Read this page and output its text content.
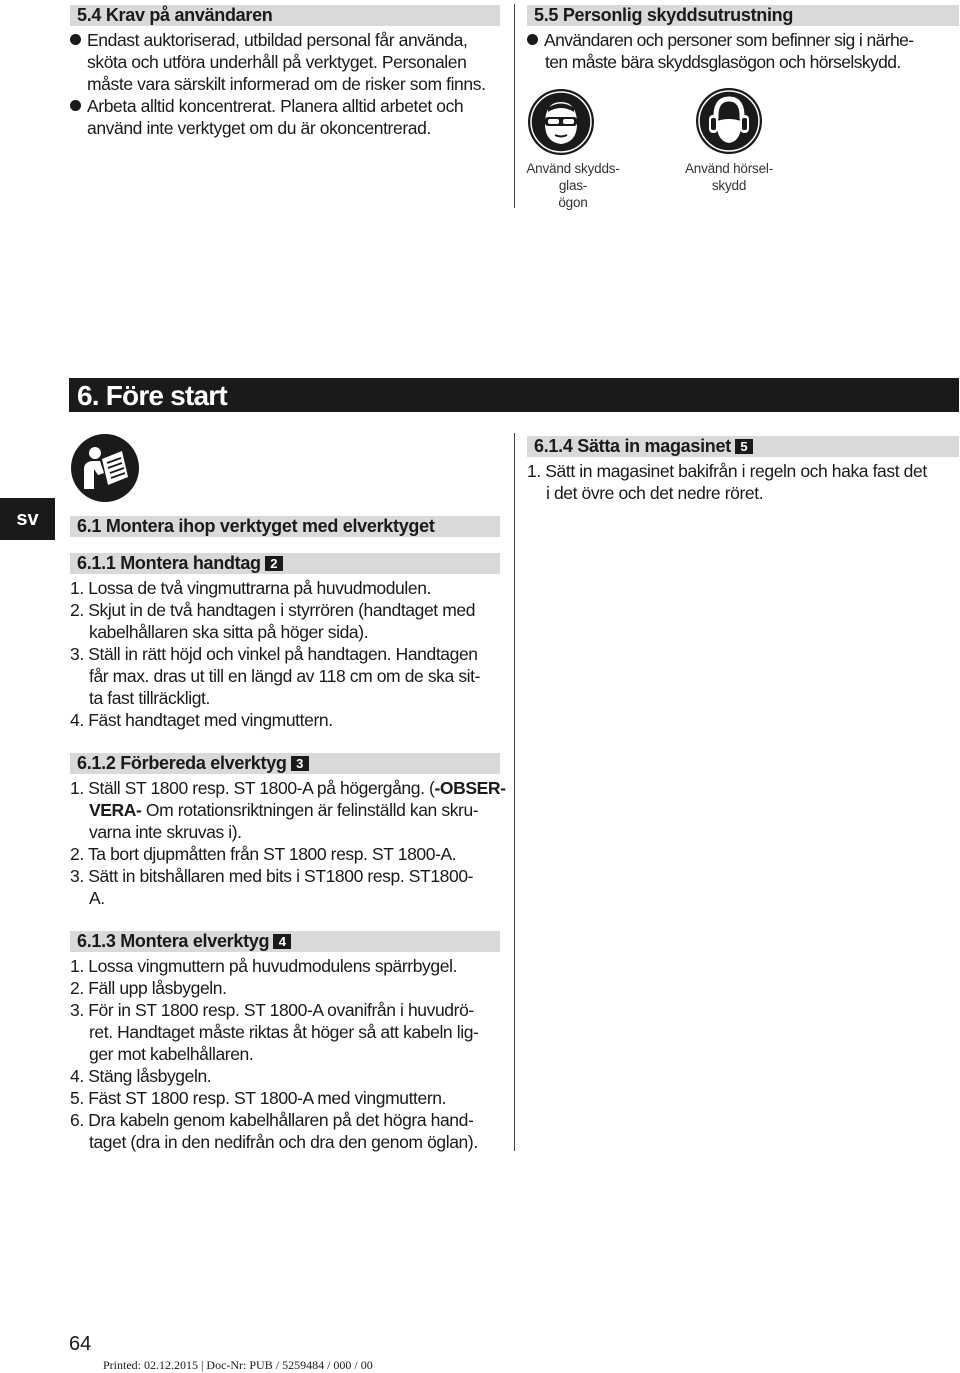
5.4 Krav på användaren
Endast auktoriserad, utbildad personal får använda,
sköta och utföra underhåll på verktyget. Personalen
måste vara särskilt informerad om de risker som finns.
Arbeta alltid koncentrerat. Planera alltid arbetet och
använd inte verktyget om du är okoncentrerad.
5.5 Personlig skyddsutrustning
Användaren och personer som befinner sig i närhe-
ten måste bära skyddsglasögon och hörselskydd.
Använd skydds-
glas-
ögon
Använd hörsel-
skydd
6. Före start
sv	6.1 Montera ihop verktyget med elverktyget
6.1.1 Montera handtag 2
1. Lossa de två vingmuttrarna på huvudmodulen.
2. Skjut in de två handtagen i styrrören (handtaget med
kabelhållaren ska sitta på höger sida).
3. Ställ in rätt höjd och vinkel på handtagen. Handtagen
får max. dras ut till en längd av 118 cm om de ska sit-
ta fast tillräckligt.
4. Fäst handtaget med vingmuttern.
6.1.2 Förbereda elverktyg 3
1. Ställ ST 1800 resp. ST 1800-A på högergång. (-OBSER-
VERA- Om rotationsriktningen är felinställd kan skru-
varna inte skruvas i).
2. Ta bort djupmåtten från ST 1800 resp. ST 1800-A.
3. Sätt in bitshållaren med bits i ST1800 resp. ST1800-
A.
6.1.3 Montera elverktyg 4
1. Lossa vingmuttern på huvudmodulens spärrbygel.
2. Fäll upp låsbygeln.
3. För in ST 1800 resp. ST 1800-A ovanifrån i huvudrö-
ret. Handtaget måste riktas åt höger så att kabeln lig-
ger mot kabelhållaren.
4. Stäng låsbygeln.
5. Fäst ST 1800 resp. ST 1800-A med vingmuttern.
6. Dra kabeln genom kabelhållaren på det högra hand-
taget (dra in den nedifrån och dra den genom öglan).
6.1.4 Sätta in magasinet 5
1. Sätt in magasinet bakifrån i regeln och haka fast det
i det övre och det nedre röret.
64
Printed: 02.12.2015 | Doc-Nr: PUB / 5259484 / 000 / 00
